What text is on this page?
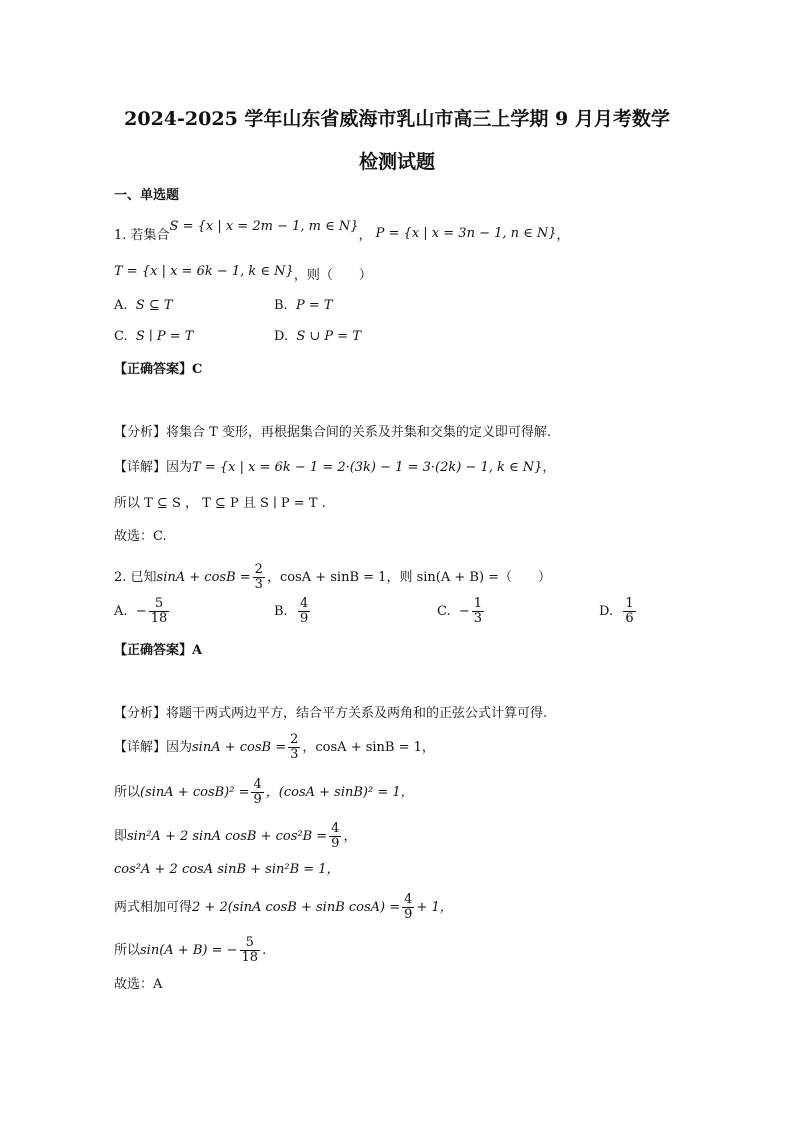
2024-2025 学年山东省威海市乳山市高三上学期 9 月月考数学
检测试题
一、单选题
1. 若集合S = {x | x = 2m − 1, m ∈ N}， P = {x | x = 3n − 1, n ∈ N}，
T = {x | x = 6k − 1, k ∈ N}，则（　　）
A. S ⊆ T	B. P = T
C. S ∣ P = T	D. S ∪ P = T
【正确答案】C
【分析】将集合 T 变形，再根据集合间的关系及并集和交集的定义即可得解.
【详解】因为T = {x | x = 6k − 1 = 2·(3k) − 1 = 3·(2k) − 1, k ∈ N}，
所以 T ⊆ S ， T ⊆ P 且 S ∣ P = T .
故选：C.
2. 已知$\sin A + \cos B = \frac{2}{3}$ ，cosA + sinB = 1，则 sin(A + B) =（　　）
A. − $\frac{5}{18}$	B. $\frac{4}{9}$	C. − $\frac{1}{3}$	D. $\frac{1}{6}$
【正确答案】A
【分析】将题干两式两边平方，结合平方关系及两角和的正弦公式计算可得.
【详解】因为$\sin A + \cos B = \frac{2}{3}$ ，cosA + sinB = 1，
所以$(\sin A + \cos B)^2 = \frac{4}{9}$ ，(cosA + sinB)² = 1，
即sin²A + 2 sinA $\cos B + \cos^2B = \frac{4}{9}$ ，
cos²A + 2 cosA sinB + sin²B = 1，
两式相加可得2 + 2(sinA cosB + sinB $\cos A) = \frac{4}{9} + 1$，
所以sin(A + B) = − $\frac{5}{18}$ .
故选：A
